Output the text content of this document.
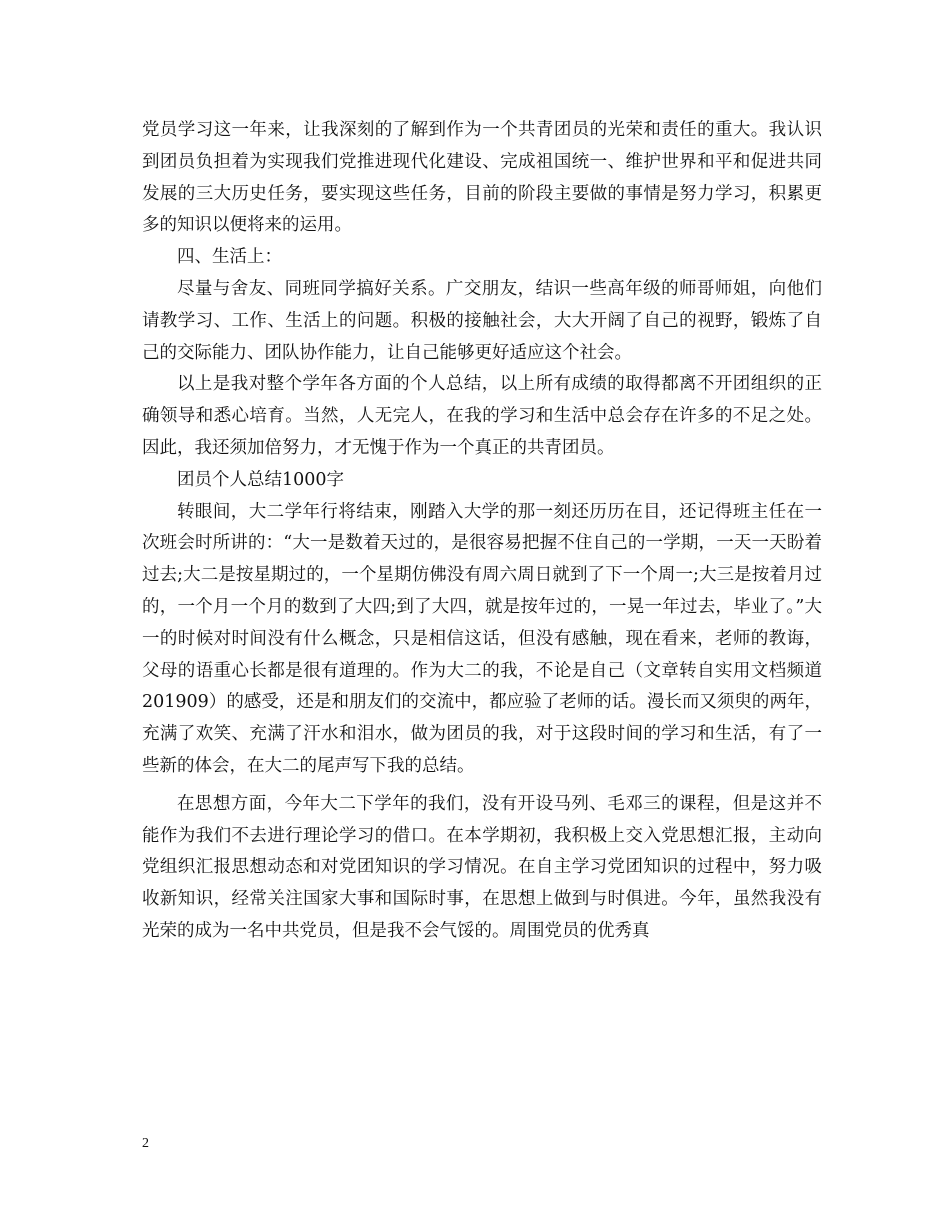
党员学习这一年来，让我深刻的了解到作为一个共青团员的光荣和责任的重大。我认识到团员负担着为实现我们党推进现代化建设、完成祖国统一、维护世界和平和促进共同发展的三大历史任务，要实现这些任务，目前的阶段主要做的事情是努力学习，积累更多的知识以便将来的运用。

四、生活上：

尽量与舍友、同班同学搞好关系。广交朋友，结识一些高年级的师哥师姐，向他们请教学习、工作、生活上的问题。积极的接触社会，大大开阔了自己的视野，锻炼了自己的交际能力、团队协作能力，让自己能够更好适应这个社会。

以上是我对整个学年各方面的个人总结，以上所有成绩的取得都离不开团组织的正确领导和悉心培育。当然，人无完人，在我的学习和生活中总会存在许多的不足之处。因此，我还须加倍努力，才无愧于作为一个真正的共青团员。

团员个人总结1000字

转眼间，大二学年行将结束，刚踏入大学的那一刻还历历在目，还记得班主任在一次班会时所讲的：“大一是数着天过的，是很容易把握不住自己的一学期，一天一天盼着过去;大二是按星期过的，一个星期仿佛没有周六周日就到了下一个周一;大三是按着月过的，一个月一个月的数到了大四;到了大四，就是按年过的，一晃一年过去，毕业了。”大一的时候对时间没有什么概念，只是相信这话，但没有感触，现在看来，老师的教诲，父母的语重心长都是很有道理的。作为大二的我，不论是自己（文章转自实用文档频道201909）的感受，还是和朋友们的交流中，都应验了老师的话。漫长而又须臾的两年，充满了欢笑、充满了汗水和泪水，做为团员的我，对于这段时间的学习和生活，有了一些新的体会，在大二的尾声写下我的总结。

在思想方面，今年大二下学年的我们，没有开设马列、毛邓三的课程，但是这并不能作为我们不去进行理论学习的借口。在本学期初，我积极上交入党思想汇报，主动向党组织汇报思想动态和对党团知识的学习情况。在自主学习党团知识的过程中，努力吸收新知识，经常关注国家大事和国际时事，在思想上做到与时俱进。今年，虽然我没有光荣的成为一名中共党员，但是我不会气馁的。周围党员的优秀真

2
